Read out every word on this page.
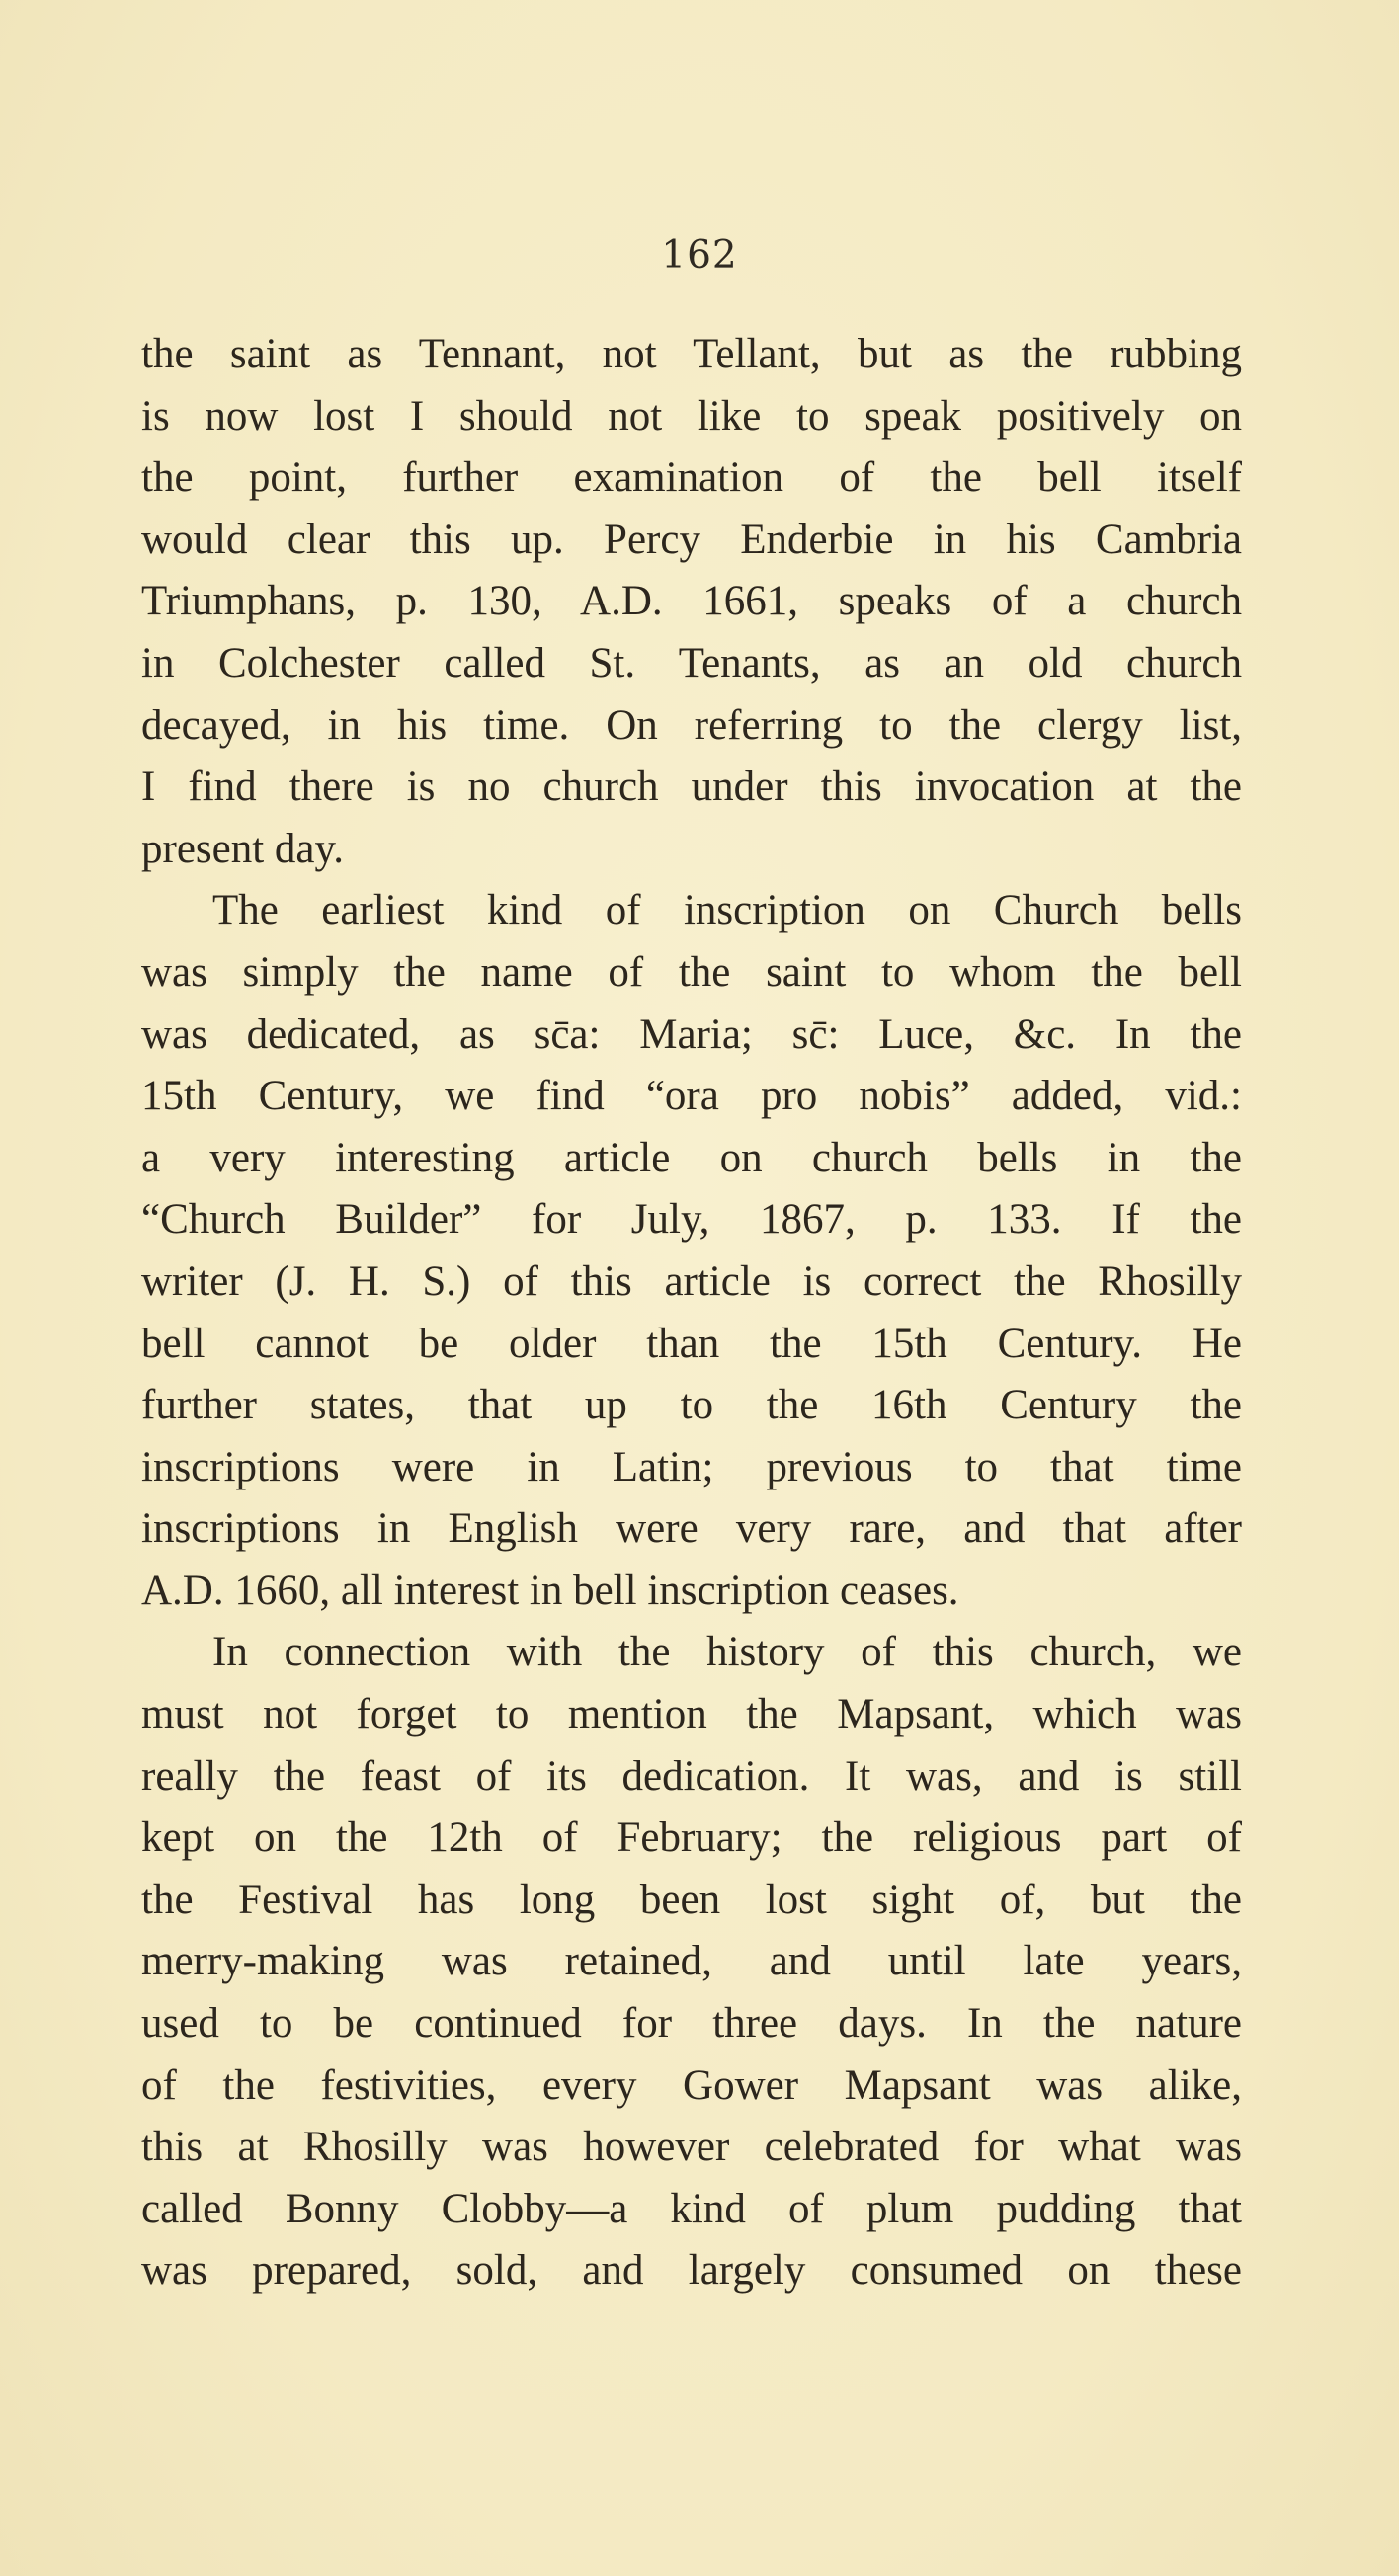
162
the saint as Tennant, not Tellant, but as the rubbing
is now lost I should not like to speak positively on
the point, further examination of the bell itself
would clear this up. Percy Enderbie in his Cambria
Triumphans, p. 130, A.D. 1661, speaks of a church
in Colchester called St. Tenants, as an old church
decayed, in his time. On referring to the clergy list,
I find there is no church under this invocation at the
present day.
The earliest kind of inscription on Church bells
was simply the name of the saint to whom the bell
was dedicated, as sc̄a: Maria; sc̄: Luce, &c. In the
15th Century, we find “ora pro nobis” added, vid.:
a very interesting article on church bells in the
“Church Builder” for July, 1867, p. 133. If the
writer (J. H. S.) of this article is correct the Rhosilly
bell cannot be older than the 15th Century. He
further states, that up to the 16th Century the
inscriptions were in Latin; previous to that time
inscriptions in English were very rare, and that after
A.D. 1660, all interest in bell inscription ceases.
In connection with the history of this church, we
must not forget to mention the Mapsant, which was
really the feast of its dedication. It was, and is still
kept on the 12th of February; the religious part of
the Festival has long been lost sight of, but the
merry-making was retained, and until late years,
used to be continued for three days. In the nature
of the festivities, every Gower Mapsant was alike,
this at Rhosilly was however celebrated for what was
called Bonny Clobby—a kind of plum pudding that
was prepared, sold, and largely consumed on these
